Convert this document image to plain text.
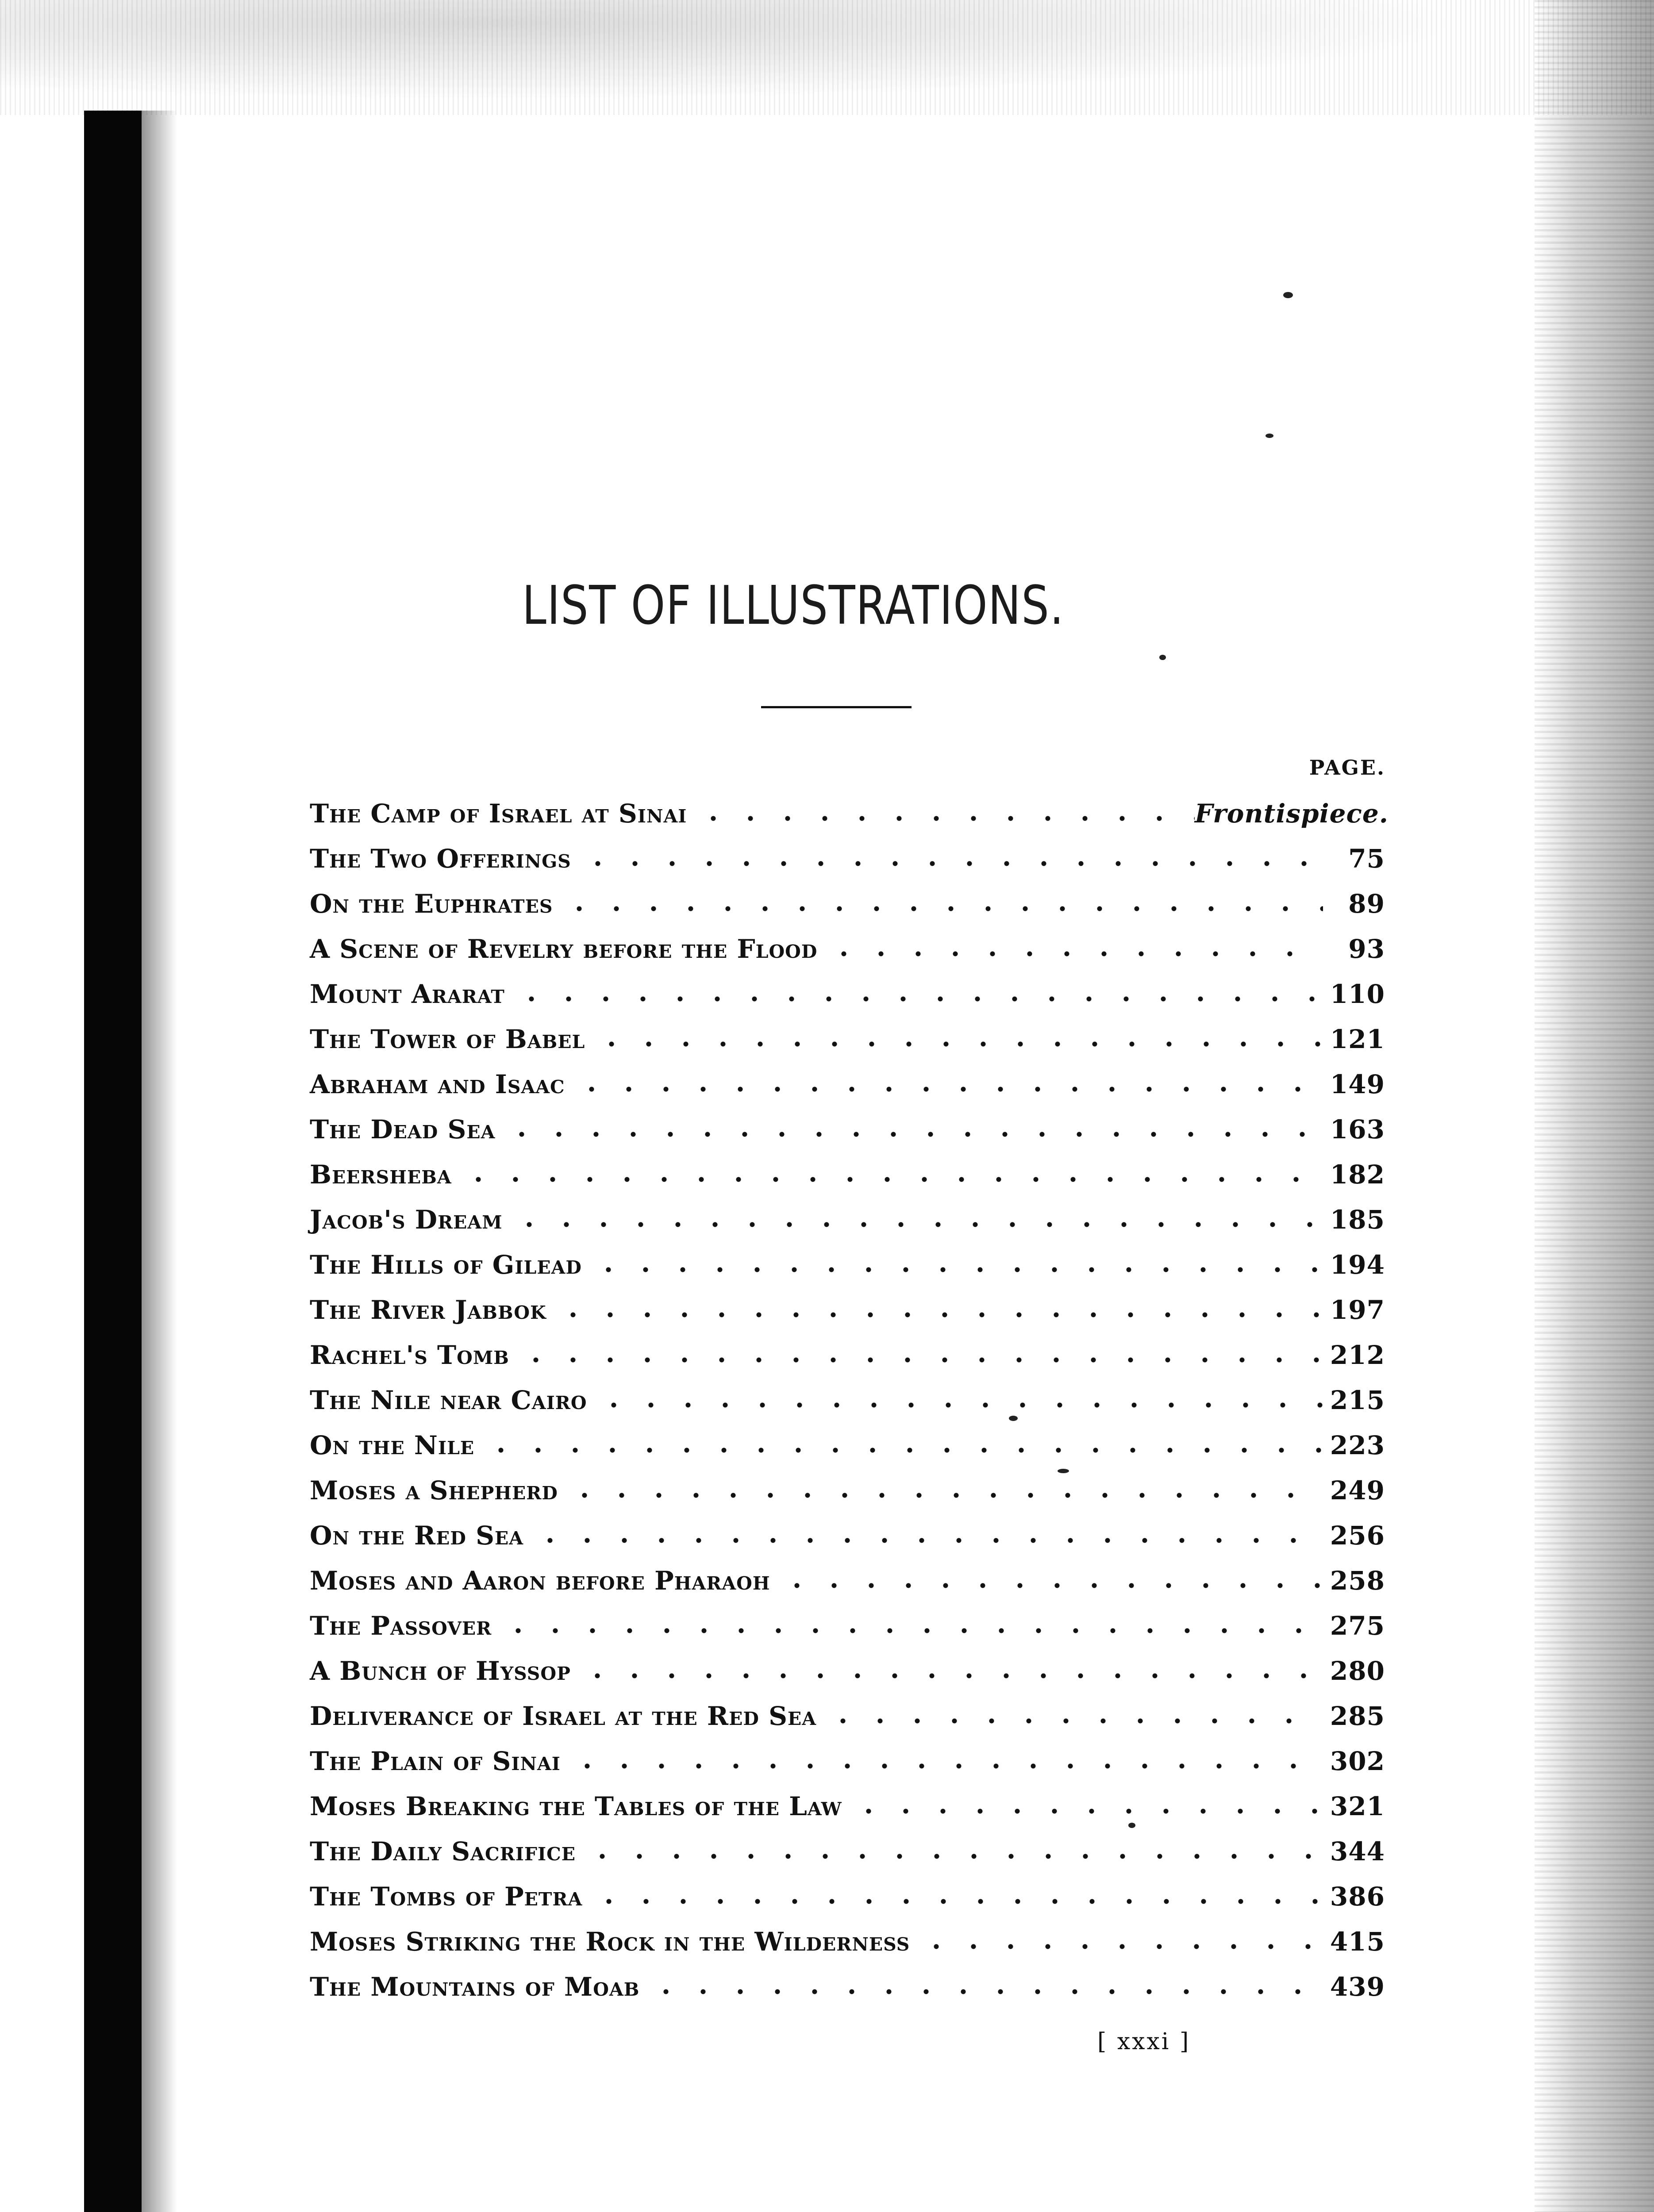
LIST OF ILLUSTRATIONS.
PAGE.
The Camp of Israel at Sinai	Frontispiece.
The Two Offerings	75
On the Euphrates	89
A Scene of Revelry before the Flood	93
Mount Ararat	110
The Tower of Babel	121
Abraham and Isaac	149
The Dead Sea	163
Beersheba	182
Jacob's Dream	185
The Hills of Gilead	194
The River Jabbok	197
Rachel's Tomb	212
The Nile near Cairo	215
On the Nile	223
Moses a Shepherd	249
On the Red Sea	256
Moses and Aaron before Pharaoh	258
The Passover	275
A Bunch of Hyssop	280
Deliverance of Israel at the Red Sea	285
The Plain of Sinai	302
Moses Breaking the Tables of the Law	321
The Daily Sacrifice	344
The Tombs of Petra	386
Moses Striking the Rock in the Wilderness	415
The Mountains of Moab	439
[ xxxi ]
